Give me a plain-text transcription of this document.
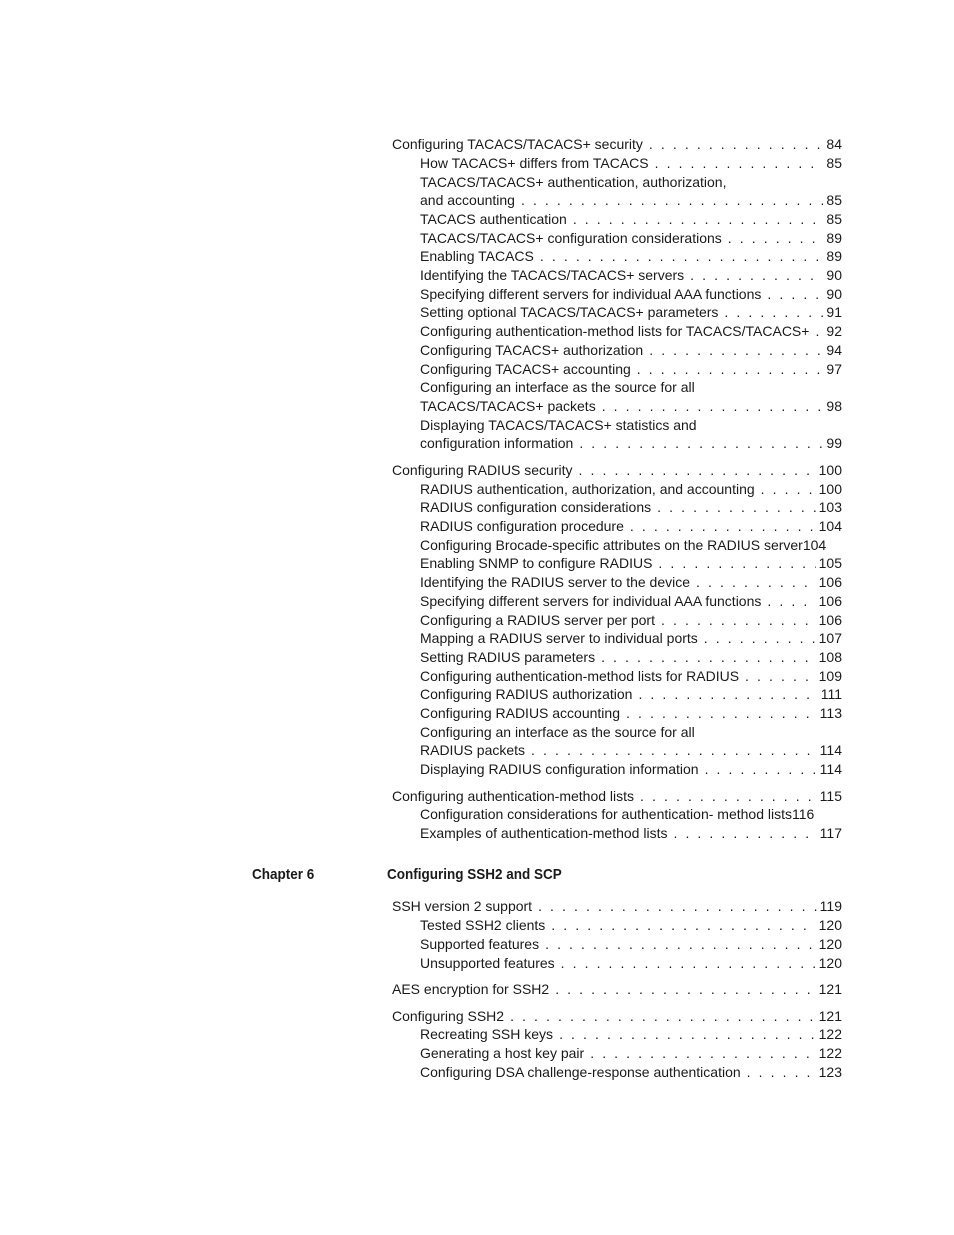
Configuring TACACS/TACACS+ security . . .	84
How TACACS+ differs from TACACS . . .	85
TACACS/TACACS+ authentication, authorization,
and accounting . . .	85
TACACS authentication . . .	85
TACACS/TACACS+ configuration considerations . . .	89
Enabling TACACS . . .	89
Identifying the TACACS/TACACS+ servers . . .	90
Specifying different servers for individual AAA functions . . .	90
Setting optional TACACS/TACACS+ parameters . . .	91
Configuring authentication-method lists for TACACS/TACACS+ . . . 92
Configuring TACACS+ authorization . . .	94
Configuring TACACS+ accounting . . .	97
Configuring an interface as the source for all
TACACS/TACACS+ packets . . .	98
Displaying TACACS/TACACS+ statistics and
configuration information . . .	99
Configuring RADIUS security . . .	100
RADIUS authentication, authorization, and accounting . . .	100
RADIUS configuration considerations . . .	103
RADIUS configuration procedure . . .	104
Configuring Brocade-specific attributes on the RADIUS server 104
Enabling SNMP to configure RADIUS . . .	105
Identifying the RADIUS server to the device . . .	106
Specifying different servers for individual AAA functions . . .	106
Configuring a RADIUS server per port . . .	106
Mapping a RADIUS server to individual ports . . .	107
Setting RADIUS parameters . . .	108
Configuring authentication-method lists for RADIUS . . .	109
Configuring RADIUS authorization . . .	111
Configuring RADIUS accounting . . .	113
Configuring an interface as the source for all
RADIUS packets . . .	114
Displaying RADIUS configuration information . . .	114
Configuring authentication-method lists . . .	115
Configuration considerations for authentication- method lists 116
Examples of authentication-method lists . . .	117
Chapter 6	Configuring SSH2 and SCP
SSH version 2 support . . .	119
Tested SSH2 clients . . .	120
Supported features . . .	120
Unsupported features . . .	120
AES encryption for SSH2 . . .	121
Configuring SSH2 . . .	121
Recreating SSH keys . . .	122
Generating a host key pair . . .	122
Configuring DSA challenge-response authentication . . .	123
